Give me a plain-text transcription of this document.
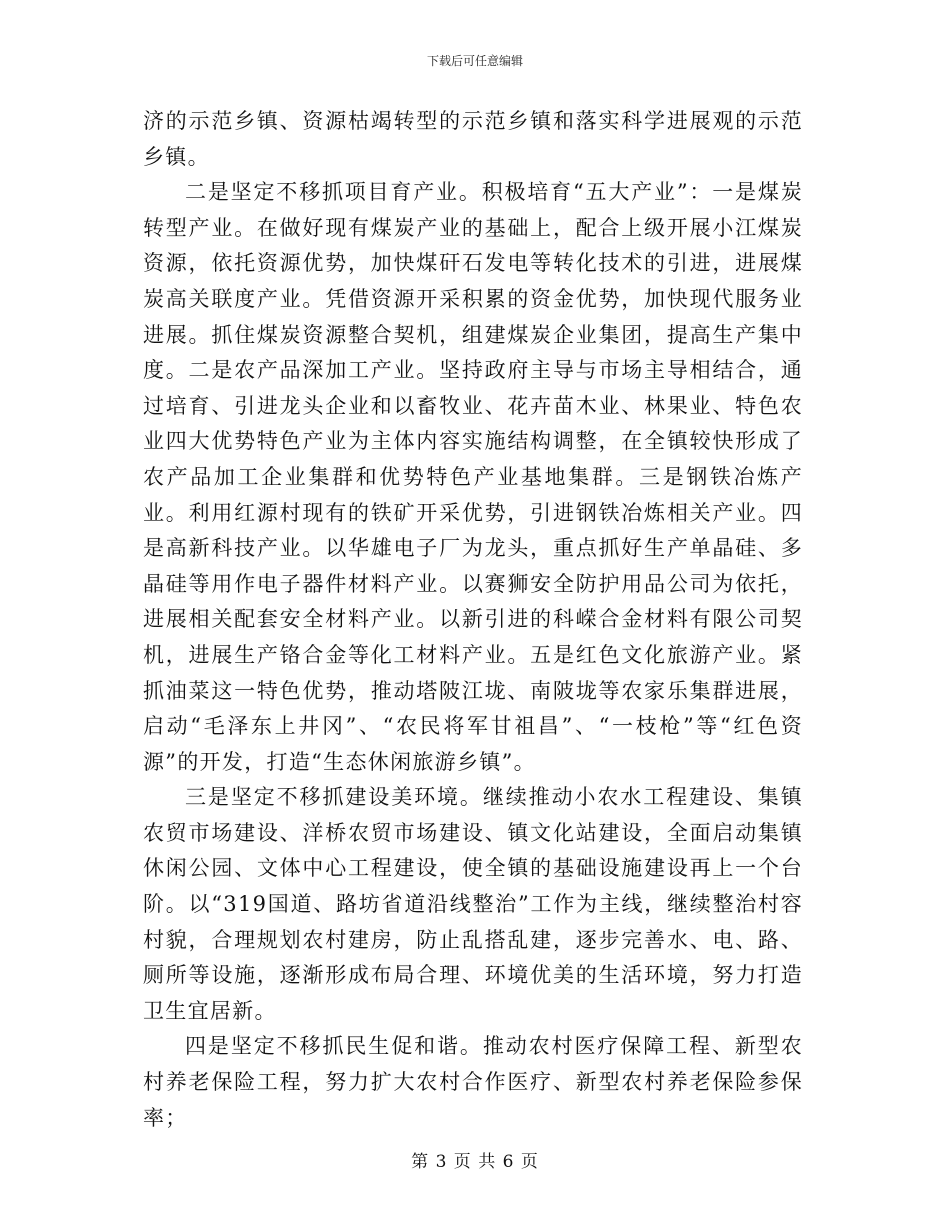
下载后可任意编辑

济的示范乡镇、资源枯竭转型的示范乡镇和落实科学进展观的示范乡镇。

二是坚定不移抓项目育产业。积极培育“五大产业”：一是煤炭转型产业。在做好现有煤炭产业的基础上，配合上级开展小江煤炭资源，依托资源优势，加快煤矸石发电等转化技术的引进，进展煤炭高关联度产业。凭借资源开采积累的资金优势，加快现代服务业进展。抓住煤炭资源整合契机，组建煤炭企业集团，提高生产集中度。二是农产品深加工产业。坚持政府主导与市场主导相结合，通过培育、引进龙头企业和以畜牧业、花卉苗木业、林果业、特色农业四大优势特色产业为主体内容实施结构调整，在全镇较快形成了农产品加工企业集群和优势特色产业基地集群。三是钢铁冶炼产业。利用红源村现有的铁矿开采优势，引进钢铁冶炼相关产业。四是高新科技产业。以华雄电子厂为龙头，重点抓好生产单晶硅、多晶硅等用作电子器件材料产业。以赛狮安全防护用品公司为依托，进展相关配套安全材料产业。以新引进的科嵘合金材料有限公司契机，进展生产铬合金等化工材料产业。五是红色文化旅游产业。紧抓油菜这一特色优势，推动塔陂江垅、南陂垅等农家乐集群进展，启动“毛泽东上井冈”、“农民将军甘祖昌”、“一枝枪”等“红色资源”的开发，打造“生态休闲旅游乡镇”。

三是坚定不移抓建设美环境。继续推动小农水工程建设、集镇农贸市场建设、洋桥农贸市场建设、镇文化站建设，全面启动集镇休闲公园、文体中心工程建设，使全镇的基础设施建设再上一个台阶。以“319国道、路坊省道沿线整治”工作为主线，继续整治村容村貌，合理规划农村建房，防止乱搭乱建，逐步完善水、电、路、厕所等设施，逐渐形成布局合理、环境优美的生活环境，努力打造卫生宜居新。

四是坚定不移抓民生促和谐。推动农村医疗保障工程、新型农村养老保险工程，努力扩大农村合作医疗、新型农村养老保险参保率；

第 3 页 共 6 页
